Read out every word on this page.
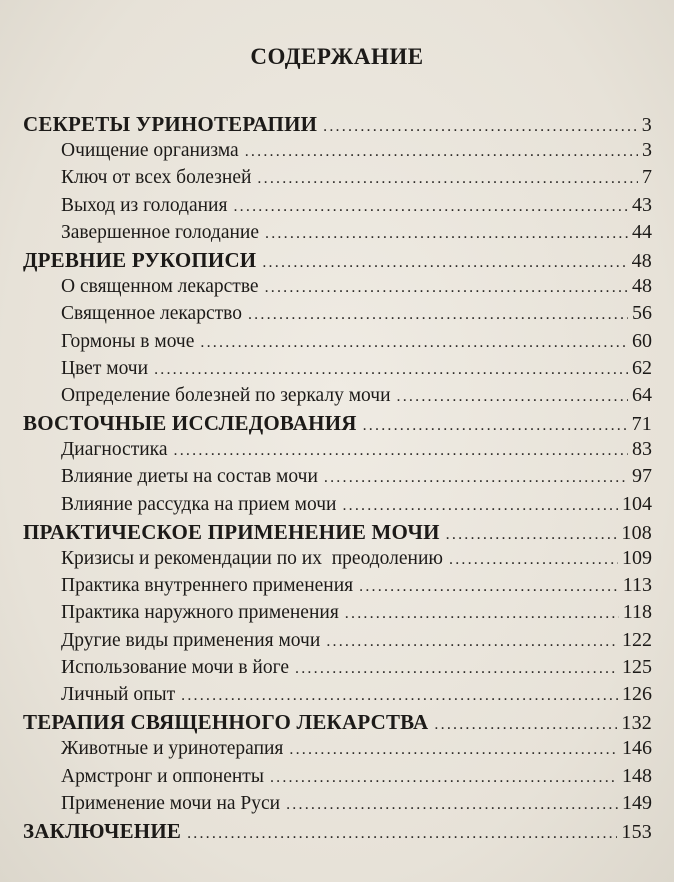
СОДЕРЖАНИЕ
СЕКРЕТЫ УРИНОТЕРАПИИ .....	3
Очищение организма .....	3
Ключ от всех болезней .....	7
Выход из голодания .....	43
Завершенное голодание .....	44
ДРЕВНИЕ РУКОПИСИ .....	48
О священном лекарстве .....	48
Священное лекарство .....	56
Гормоны в моче .....	60
Цвет мочи .....	62
Определение болезней по зеркалу мочи .....	64
ВОСТОЧНЫЕ ИССЛЕДОВАНИЯ .....	71
Диагностика .....	83
Влияние диеты на состав мочи .....	97
Влияние рассудка на прием мочи .....	104
ПРАКТИЧЕСКОЕ ПРИМЕНЕНИЕ МОЧИ .....	108
Кризисы и рекомендации по их  преодолению .....	109
Практика внутреннего применения .....	113
Практика наружного применения .....	118
Другие виды применения мочи .....	122
Использование мочи в йоге .....	125
Личный опыт .....	126
ТЕРАПИЯ СВЯЩЕННОГО ЛЕКАРСТВА .....	132
Животные и уринотерапия .....	146
Армстронг и оппоненты .....	148
Применение мочи на Руси .....	149
ЗАКЛЮЧЕНИЕ .....	153
